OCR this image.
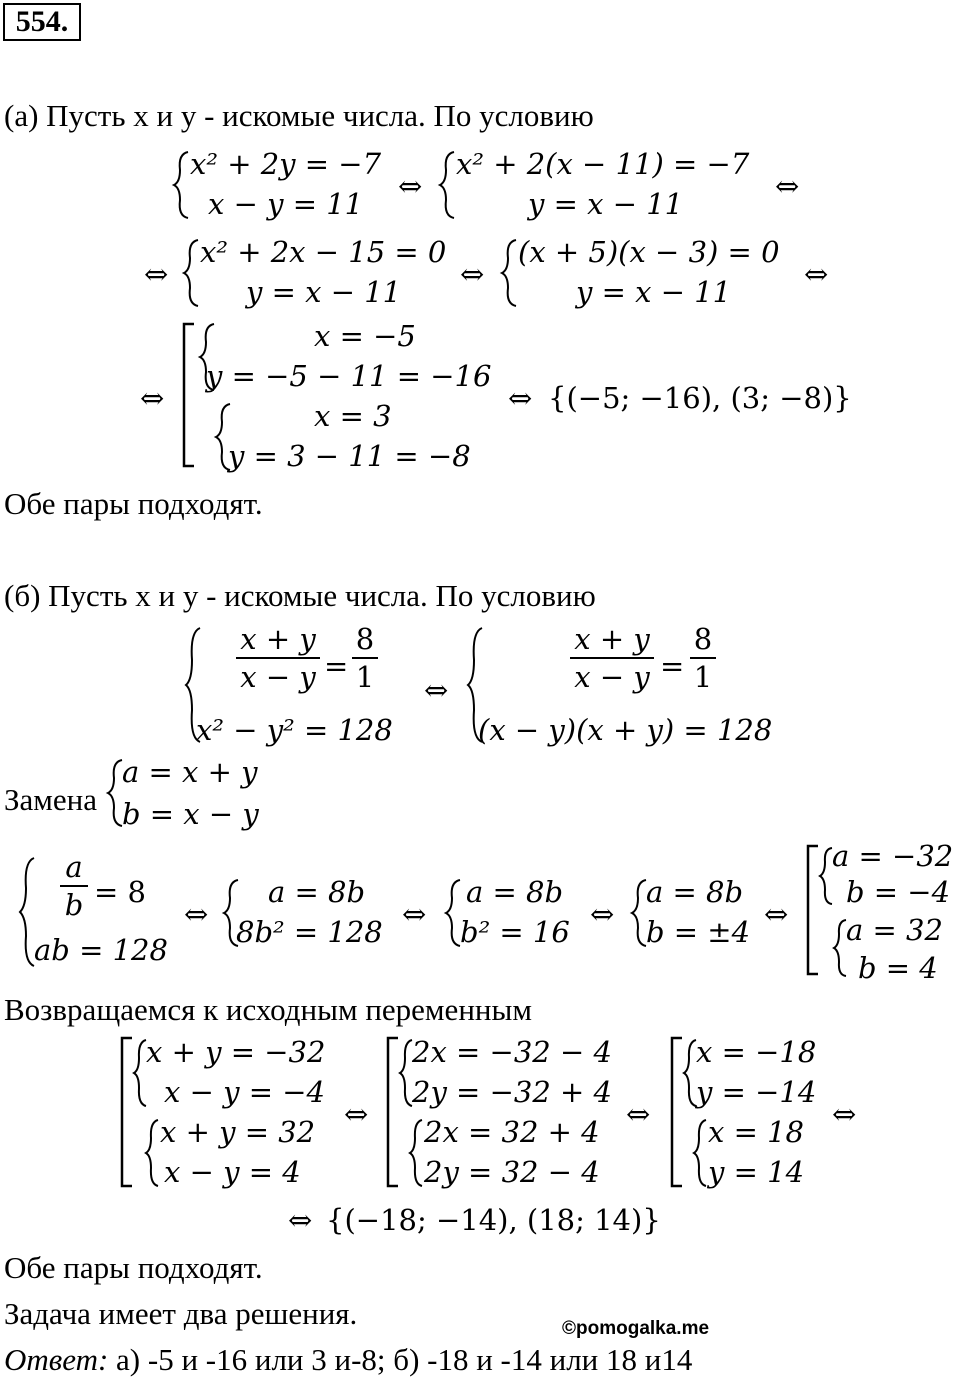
554.
(а) Пусть x и y - искомые числа. По условию
x² + 2y = −7
x − y = 11
⇔
x² + 2(x − 11) = −7
y = x − 11
⇔
⇔
x² + 2x − 15 = 0
y = x − 11
⇔
(x + 5)(x − 3) = 0
y = x − 11
⇔
⇔
x = −5
y = −5 − 11 = −16
x = 3
y = 3 − 11 = −8
⇔ {(−5; −16), (3; −8)}
Обе пары подходят.
(б) Пусть x и y - искомые числа. По условию
x + y
x − y =
8
1
x² − y² = 128
⇔
x + y
x − y =
8
1
(x − y)(x + y) = 128
Замена
a = x + y
b = x − y
a
b = 8
ab = 128
⇔
a = 8b
8b² = 128
⇔
a = 8b
b² = 16
⇔
a = 8b
b = ±4
⇔
a = −32
b = −4
a = 32
b = 4
Возвращаемся к исходным переменным
x + y = −32
x − y = −4
x + y = 32
x − y = 4
⇔
2x = −32 − 4
2y = −32 + 4
2x = 32 + 4
2y = 32 − 4
⇔
x = −18
y = −14
x = 18
y = 14
⇔
⇔ {(−18; −14), (18; 14)}
Обе пары подходят.
Задача имеет два решения.	©pomogalka.me
Ответ: а) -5 и -16 или 3 и-8; б) -18 и -14 или 18 и14
